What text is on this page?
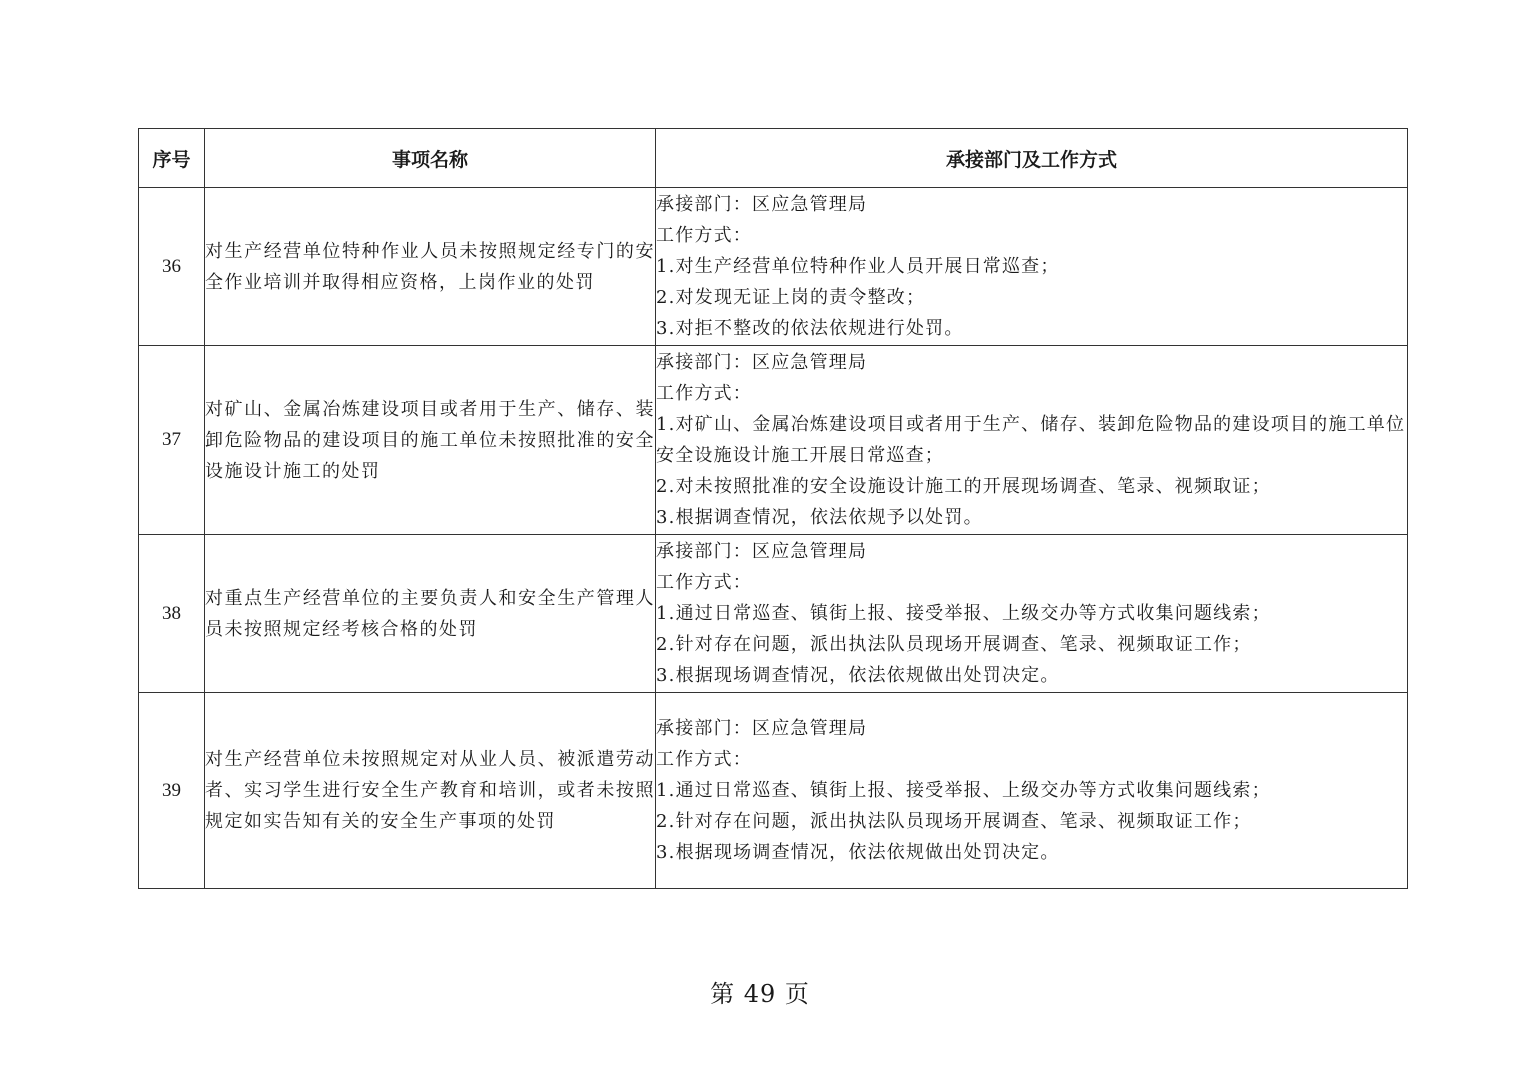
序号	事项名称	承接部门及工作方式
36	对生产经营单位特种作业人员未按照规定经专门的安全作业培训并取得相应资格，上岗作业的处罚	承接部门：区应急管理局
工作方式：
1.对生产经营单位特种作业人员开展日常巡查；
2.对发现无证上岗的责令整改；
3.对拒不整改的依法依规进行处罚。

37	对矿山、金属冶炼建设项目或者用于生产、储存、装卸危险物品的建设项目的施工单位未按照批准的安全设施设计施工的处罚	承接部门：区应急管理局
工作方式：
1.对矿山、金属冶炼建设项目或者用于生产、储存、装卸危险物品的建设项目的施工单位安全设施设计施工开展日常巡查；
2.对未按照批准的安全设施设计施工的开展现场调查、笔录、视频取证；
3.根据调查情况，依法依规予以处罚。

38	对重点生产经营单位的主要负责人和安全生产管理人员未按照规定经考核合格的处罚	承接部门：区应急管理局
工作方式：
1.通过日常巡查、镇街上报、接受举报、上级交办等方式收集问题线索；
2.针对存在问题，派出执法队员现场开展调查、笔录、视频取证工作；
3.根据现场调查情况，依法依规做出处罚决定。

39	对生产经营单位未按照规定对从业人员、被派遣劳动者、实习学生进行安全生产教育和培训，或者未按照规定如实告知有关的安全生产事项的处罚	承接部门：区应急管理局
工作方式：
1.通过日常巡查、镇街上报、接受举报、上级交办等方式收集问题线索；
2.针对存在问题，派出执法队员现场开展调查、笔录、视频取证工作；
3.根据现场调查情况，依法依规做出处罚决定。
第 49 页
